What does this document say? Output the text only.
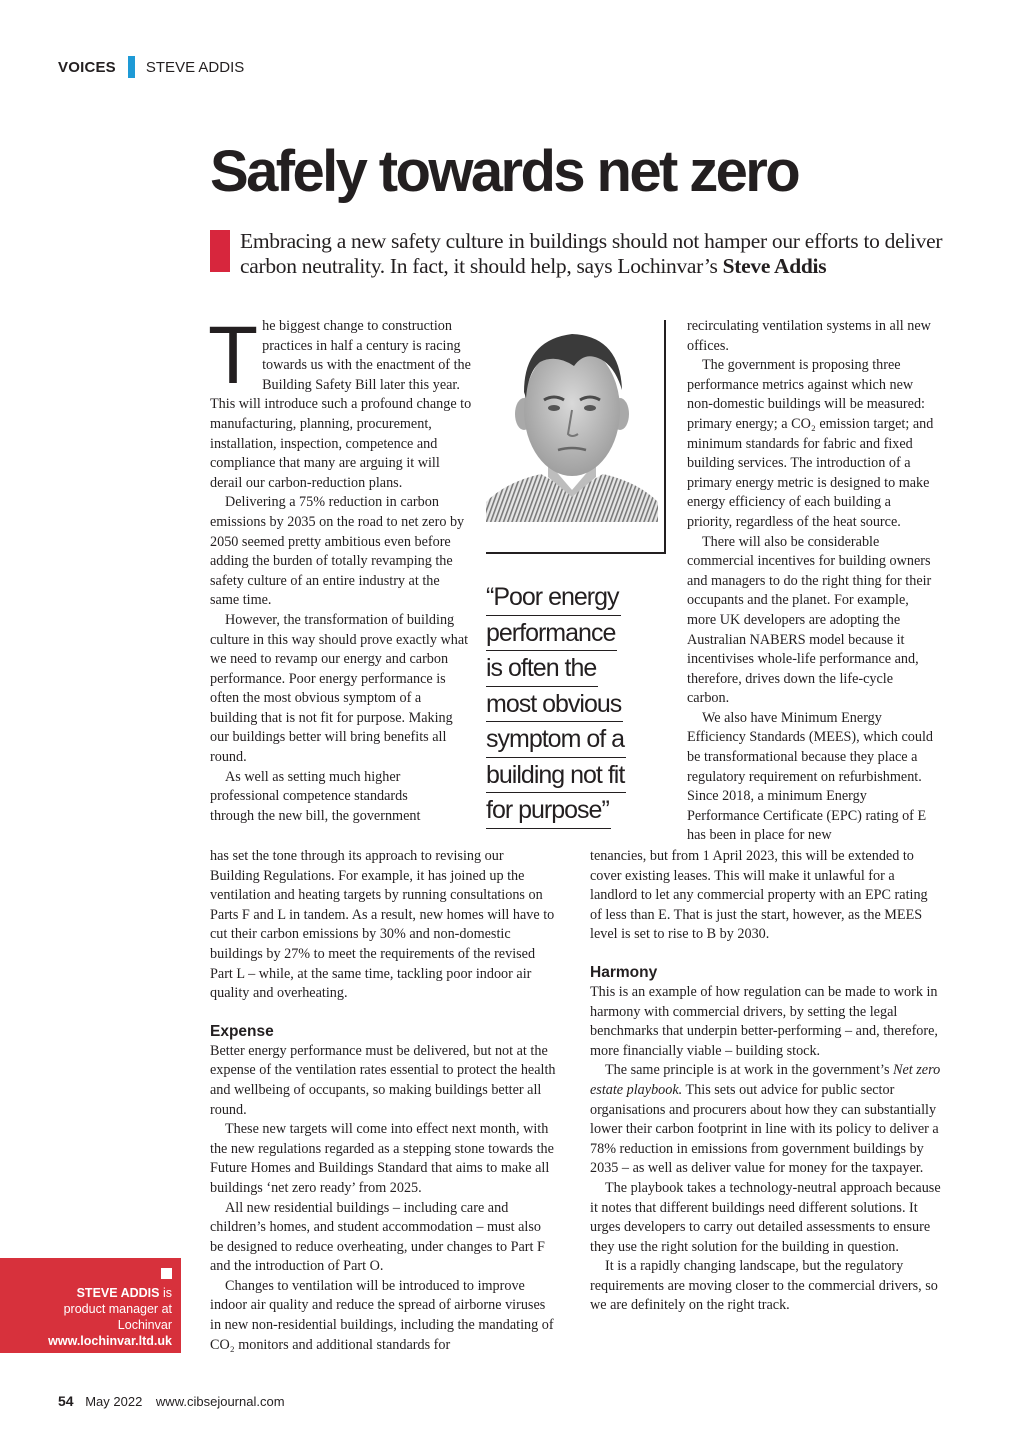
VOICES STEVE ADDIS
Safely towards net zero
Embracing a new safety culture in buildings should not hamper our efforts to deliver carbon neutrality. In fact, it should help, says Lochinvar’s Steve Addis

The biggest change to construction practices in half a century is racing towards us with the enactment of the Building Safety Bill later this year. This will introduce such a profound change to manufacturing, planning, procurement, installation, inspection, competence and compliance that many are arguing it will derail our carbon-reduction plans.

Delivering a 75% reduction in carbon emissions by 2035 on the road to net zero by 2050 seemed pretty ambitious even before adding the burden of totally revamping the safety culture of an entire industry at the same time.

However, the transformation of building culture in this way should prove exactly what we need to revamp our energy and carbon performance. Poor energy performance is often the most obvious symptom of a building that is not fit for purpose. Making our buildings better will bring benefits all round.

As well as setting much higher professional competence standards through the new bill, the government

has set the tone through its approach to revising our Building Regulations. For example, it has joined up the ventilation and heating targets by running consultations on Parts F and L in tandem. As a result, new homes will have to cut their carbon emissions by 30% and non-domestic buildings by 27% to meet the requirements of the revised Part L – while, at the same time, tackling poor indoor air quality and overheating.

Expense

Better energy performance must be delivered, but not at the expense of the ventilation rates essential to protect the health and wellbeing of occupants, so making buildings better all round.

These new targets will come into effect next month, with the new regulations regarded as a stepping stone towards the Future Homes and Buildings Standard that aims to make all buildings ‘net zero ready’ from 2025.

All new residential buildings – including care and children’s homes, and student accommodation – must also be designed to reduce overheating, under changes to Part F and the introduction of Part O.

Changes to ventilation will be introduced to improve indoor air quality and reduce the spread of airborne viruses in new non-residential buildings, including the mandating of CO₂ monitors and additional standards for

“Poor energy
performance
is often the
most obvious
symptom of a
building not fit
for purpose”

recirculating ventilation systems in all new offices.

The government is proposing three performance metrics against which new non-domestic buildings will be measured: primary energy; a CO₂ emission target; and minimum standards for fabric and fixed building services. The introduction of a primary energy metric is designed to make energy efficiency of each building a priority, regardless of the heat source.

There will also be considerable commercial incentives for building owners and managers to do the right thing for their occupants and the planet. For example, more UK developers are adopting the Australian NABERS model because it incentivises whole-life performance and, therefore, drives down the life-cycle carbon.

We also have Minimum Energy Efficiency Standards (MEES), which could be transformational because they place a regulatory requirement on refurbishment. Since 2018, a minimum Energy Performance Certificate (EPC) rating of E has been in place for new

tenancies, but from 1 April 2023, this will be extended to cover existing leases. This will make it unlawful for a landlord to let any commercial property with an EPC rating of less than E. That is just the start, however, as the MEES level is set to rise to B by 2030.

Harmony

This is an example of how regulation can be made to work in harmony with commercial drivers, by setting the legal benchmarks that underpin better-performing – and, therefore, more financially viable – building stock.

The same principle is at work in the government’s Net zero estate playbook. This sets out advice for public sector organisations and procurers about how they can substantially lower their carbon footprint in line with its policy to deliver a 78% reduction in emissions from government buildings by 2035 – as well as deliver value for money for the taxpayer.

The playbook takes a technology-neutral approach because it notes that different buildings need different solutions. It urges developers to carry out detailed assessments to ensure they use the right solution for the building in question.

It is a rapidly changing landscape, but the regulatory requirements are moving closer to the commercial drivers, so we are definitely on the right track.

STEVE ADDIS is
product manager at
Lochinvar
www.lochinvar.ltd.uk
54 May 2022 www.cibsejournal.com
